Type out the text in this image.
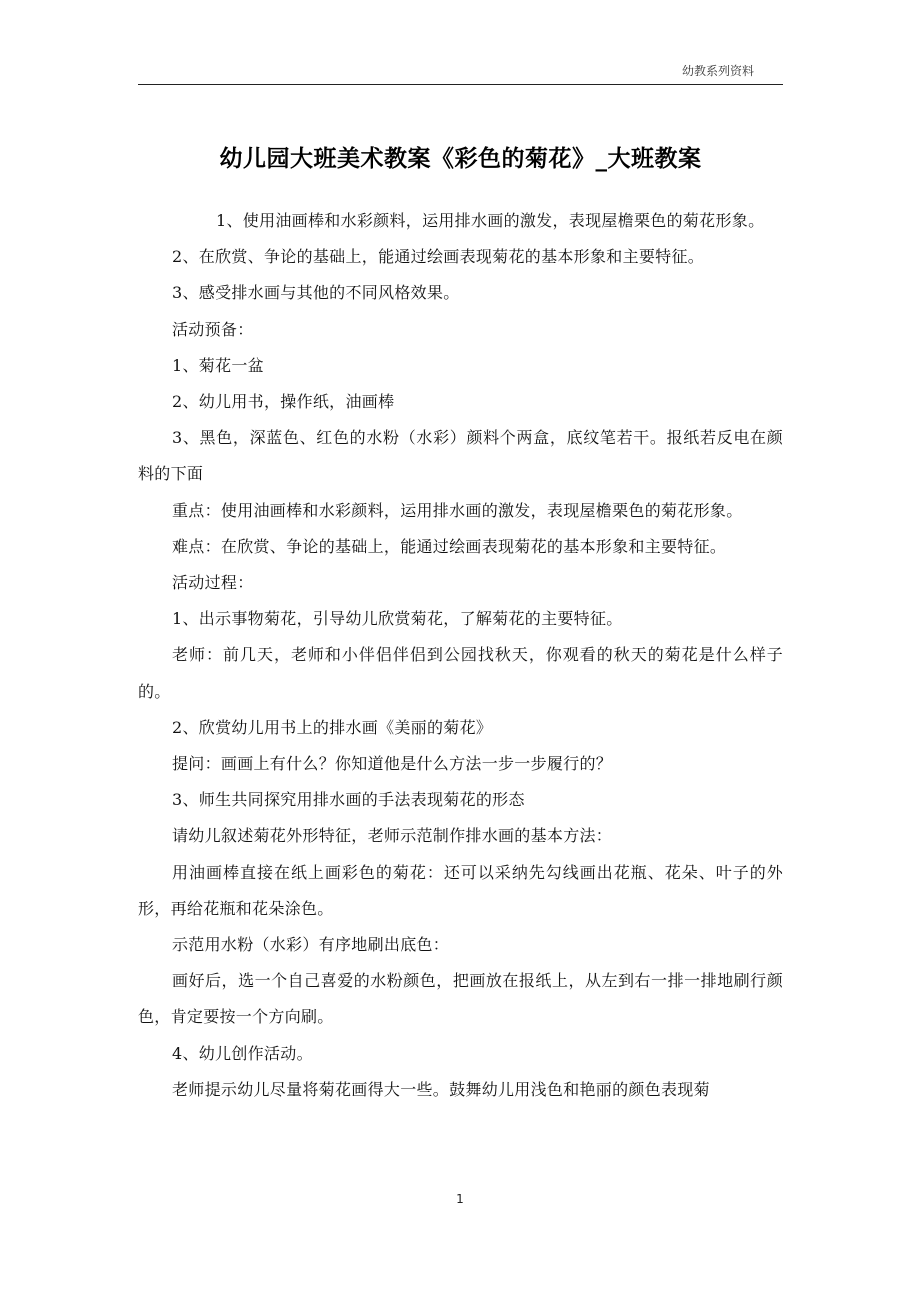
幼教系列资料
幼儿园大班美术教案《彩色的菊花》_大班教案

1、使用油画棒和水彩颜料，运用排水画的激发，表现屋檐栗色的菊花形象。

2、在欣赏、争论的基础上，能通过绘画表现菊花的基本形象和主要特征。

3、感受排水画与其他的不同风格效果。

活动预备：

1、菊花一盆

2、幼儿用书，操作纸，油画棒

3、黑色，深蓝色、红色的水粉（水彩）颜料个两盒，底纹笔若干。报纸若反电在颜料的下面

重点：使用油画棒和水彩颜料，运用排水画的激发，表现屋檐栗色的菊花形象。

难点：在欣赏、争论的基础上，能通过绘画表现菊花的基本形象和主要特征。

活动过程：

1、出示事物菊花，引导幼儿欣赏菊花，了解菊花的主要特征。

老师：前几天，老师和小伴侣伴侣到公园找秋天，你观看的秋天的菊花是什么样子的。

2、欣赏幼儿用书上的排水画《美丽的菊花》

提问：画画上有什么？你知道他是什么方法一步一步履行的？

3、师生共同探究用排水画的手法表现菊花的形态

请幼儿叙述菊花外形特征，老师示范制作排水画的基本方法：

用油画棒直接在纸上画彩色的菊花：还可以采纳先勾线画出花瓶、花朵、叶子的外形，再给花瓶和花朵涂色。

示范用水粉（水彩）有序地刷出底色：

画好后，选一个自己喜爱的水粉颜色，把画放在报纸上，从左到右一排一排地刷行颜色，肯定要按一个方向刷。

4、幼儿创作活动。

老师提示幼儿尽量将菊花画得大一些。鼓舞幼儿用浅色和艳丽的颜色表现菊

1
